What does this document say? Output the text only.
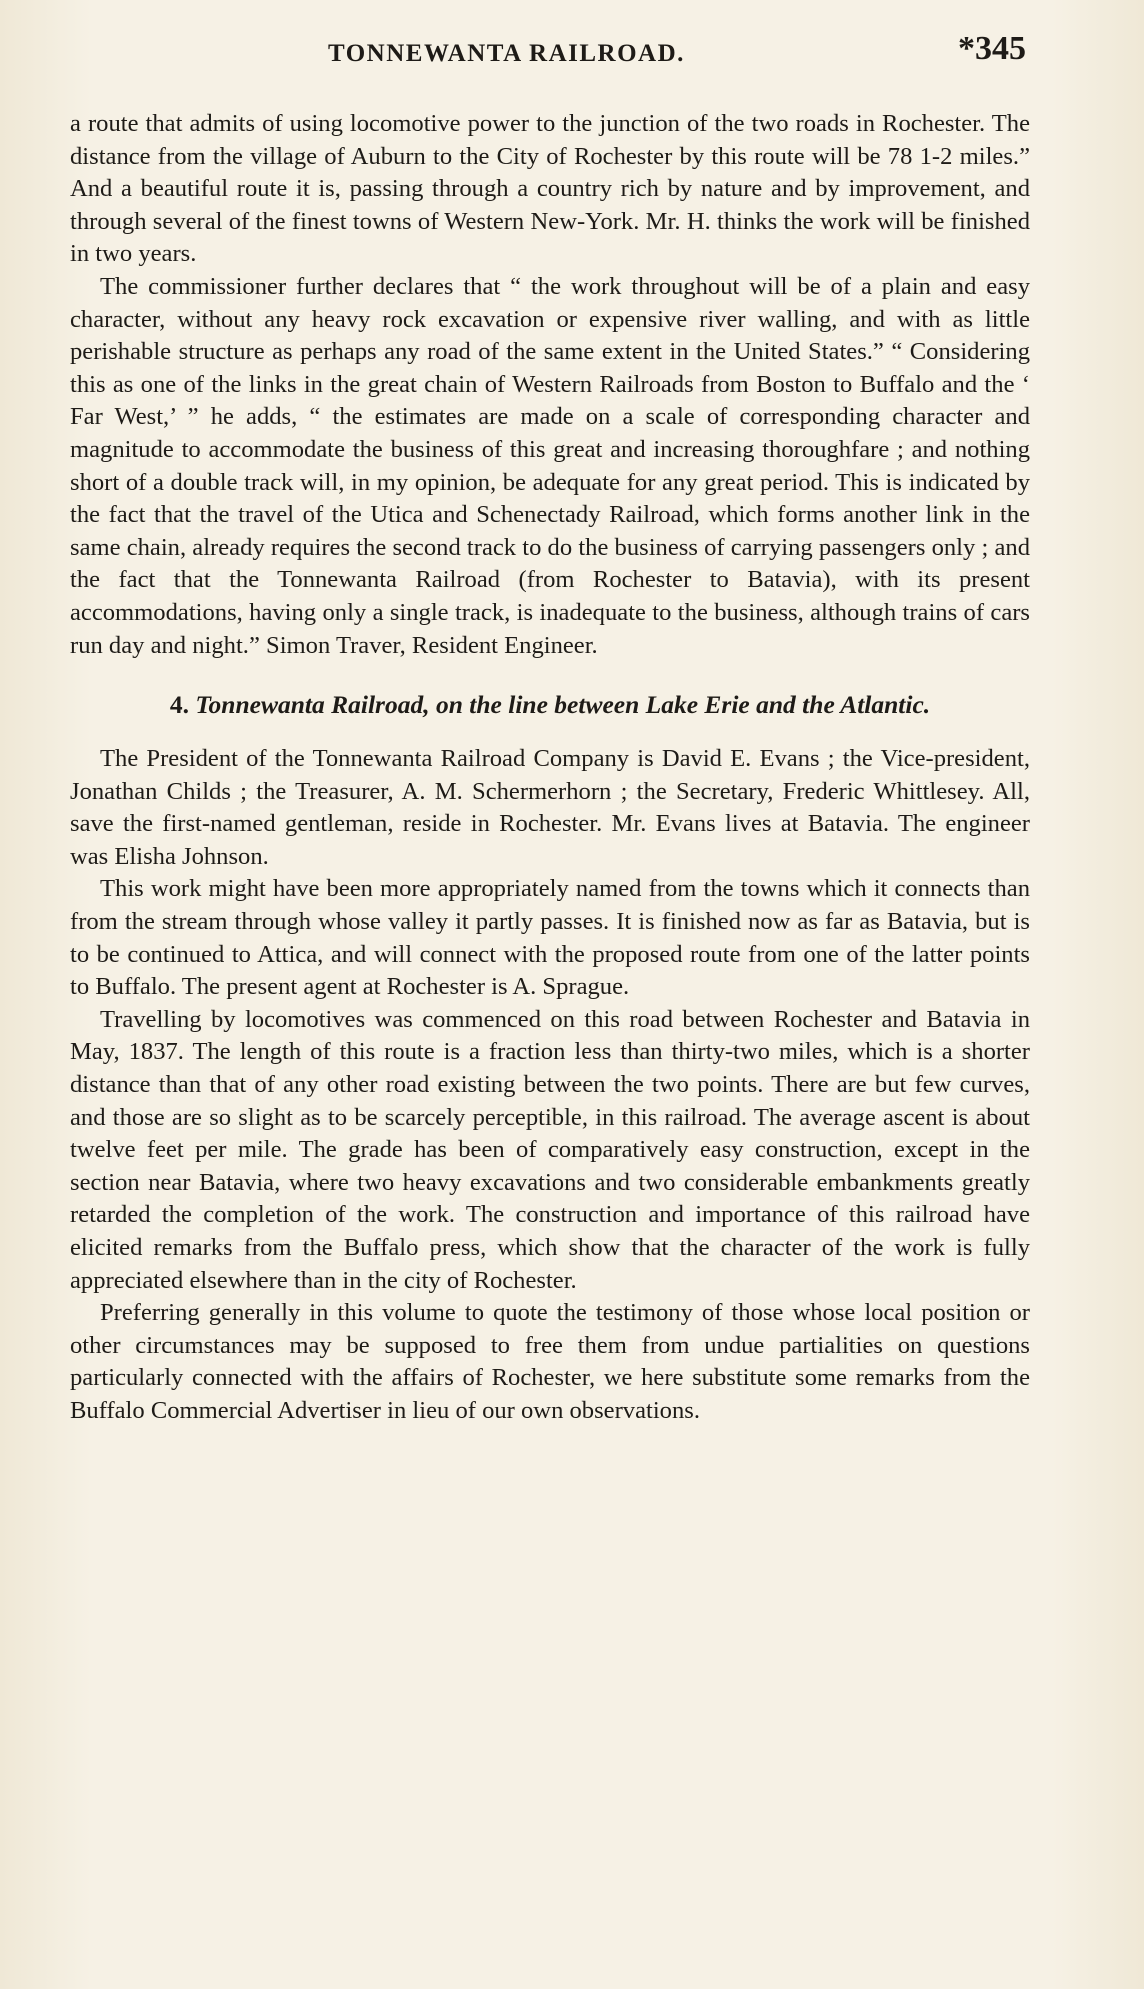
TONNEWANTA RAILROAD.	*345

a route that admits of using locomotive power to the junction of the two roads in Rochester. The distance from the village of Auburn to the City of Rochester by this route will be 78 1-2 miles.” And a beautiful route it is, passing through a country rich by nature and by improvement, and through several of the finest towns of Western New-York. Mr. H. thinks the work will be finished in two years.

The commissioner further declares that “ the work throughout will be of a plain and easy character, without any heavy rock excavation or expensive river walling, and with as little perishable structure as perhaps any road of the same extent in the United States.” “ Considering this as one of the links in the great chain of Western Railroads from Boston to Buffalo and the ‘ Far West,’ ” he adds, “ the estimates are made on a scale of corresponding character and magnitude to accommodate the business of this great and increasing thoroughfare ; and nothing short of a double track will, in my opinion, be adequate for any great period. This is indicated by the fact that the travel of the Utica and Schenectady Railroad, which forms another link in the same chain, already requires the second track to do the business of carrying passengers only ; and the fact that the Tonnewanta Railroad (from Rochester to Batavia), with its present accommodations, having only a single track, is inadequate to the business, although trains of cars run day and night.” Simon Traver, Resident Engineer.

4. Tonnewanta Railroad, on the line between Lake Erie and the Atlantic.

The President of the Tonnewanta Railroad Company is David E. Evans ; the Vice-president, Jonathan Childs ; the Treasurer, A. M. Schermerhorn ; the Secretary, Frederic Whittlesey. All, save the first-named gentleman, reside in Rochester. Mr. Evans lives at Batavia. The engineer was Elisha Johnson.

This work might have been more appropriately named from the towns which it connects than from the stream through whose valley it partly passes. It is finished now as far as Batavia, but is to be continued to Attica, and will connect with the proposed route from one of the latter points to Buffalo. The present agent at Rochester is A. Sprague.

Travelling by locomotives was commenced on this road between Rochester and Batavia in May, 1837. The length of this route is a fraction less than thirty-two miles, which is a shorter distance than that of any other road existing between the two points. There are but few curves, and those are so slight as to be scarcely perceptible, in this railroad. The average ascent is about twelve feet per mile. The grade has been of comparatively easy construction, except in the section near Batavia, where two heavy excavations and two considerable embankments greatly retarded the completion of the work. The construction and importance of this railroad have elicited remarks from the Buffalo press, which show that the character of the work is fully appreciated elsewhere than in the city of Rochester.

Preferring generally in this volume to quote the testimony of those whose local position or other circumstances may be supposed to free them from undue partialities on questions particularly connected with the affairs of Rochester, we here substitute some remarks from the Buffalo Commercial Advertiser in lieu of our own observations.
